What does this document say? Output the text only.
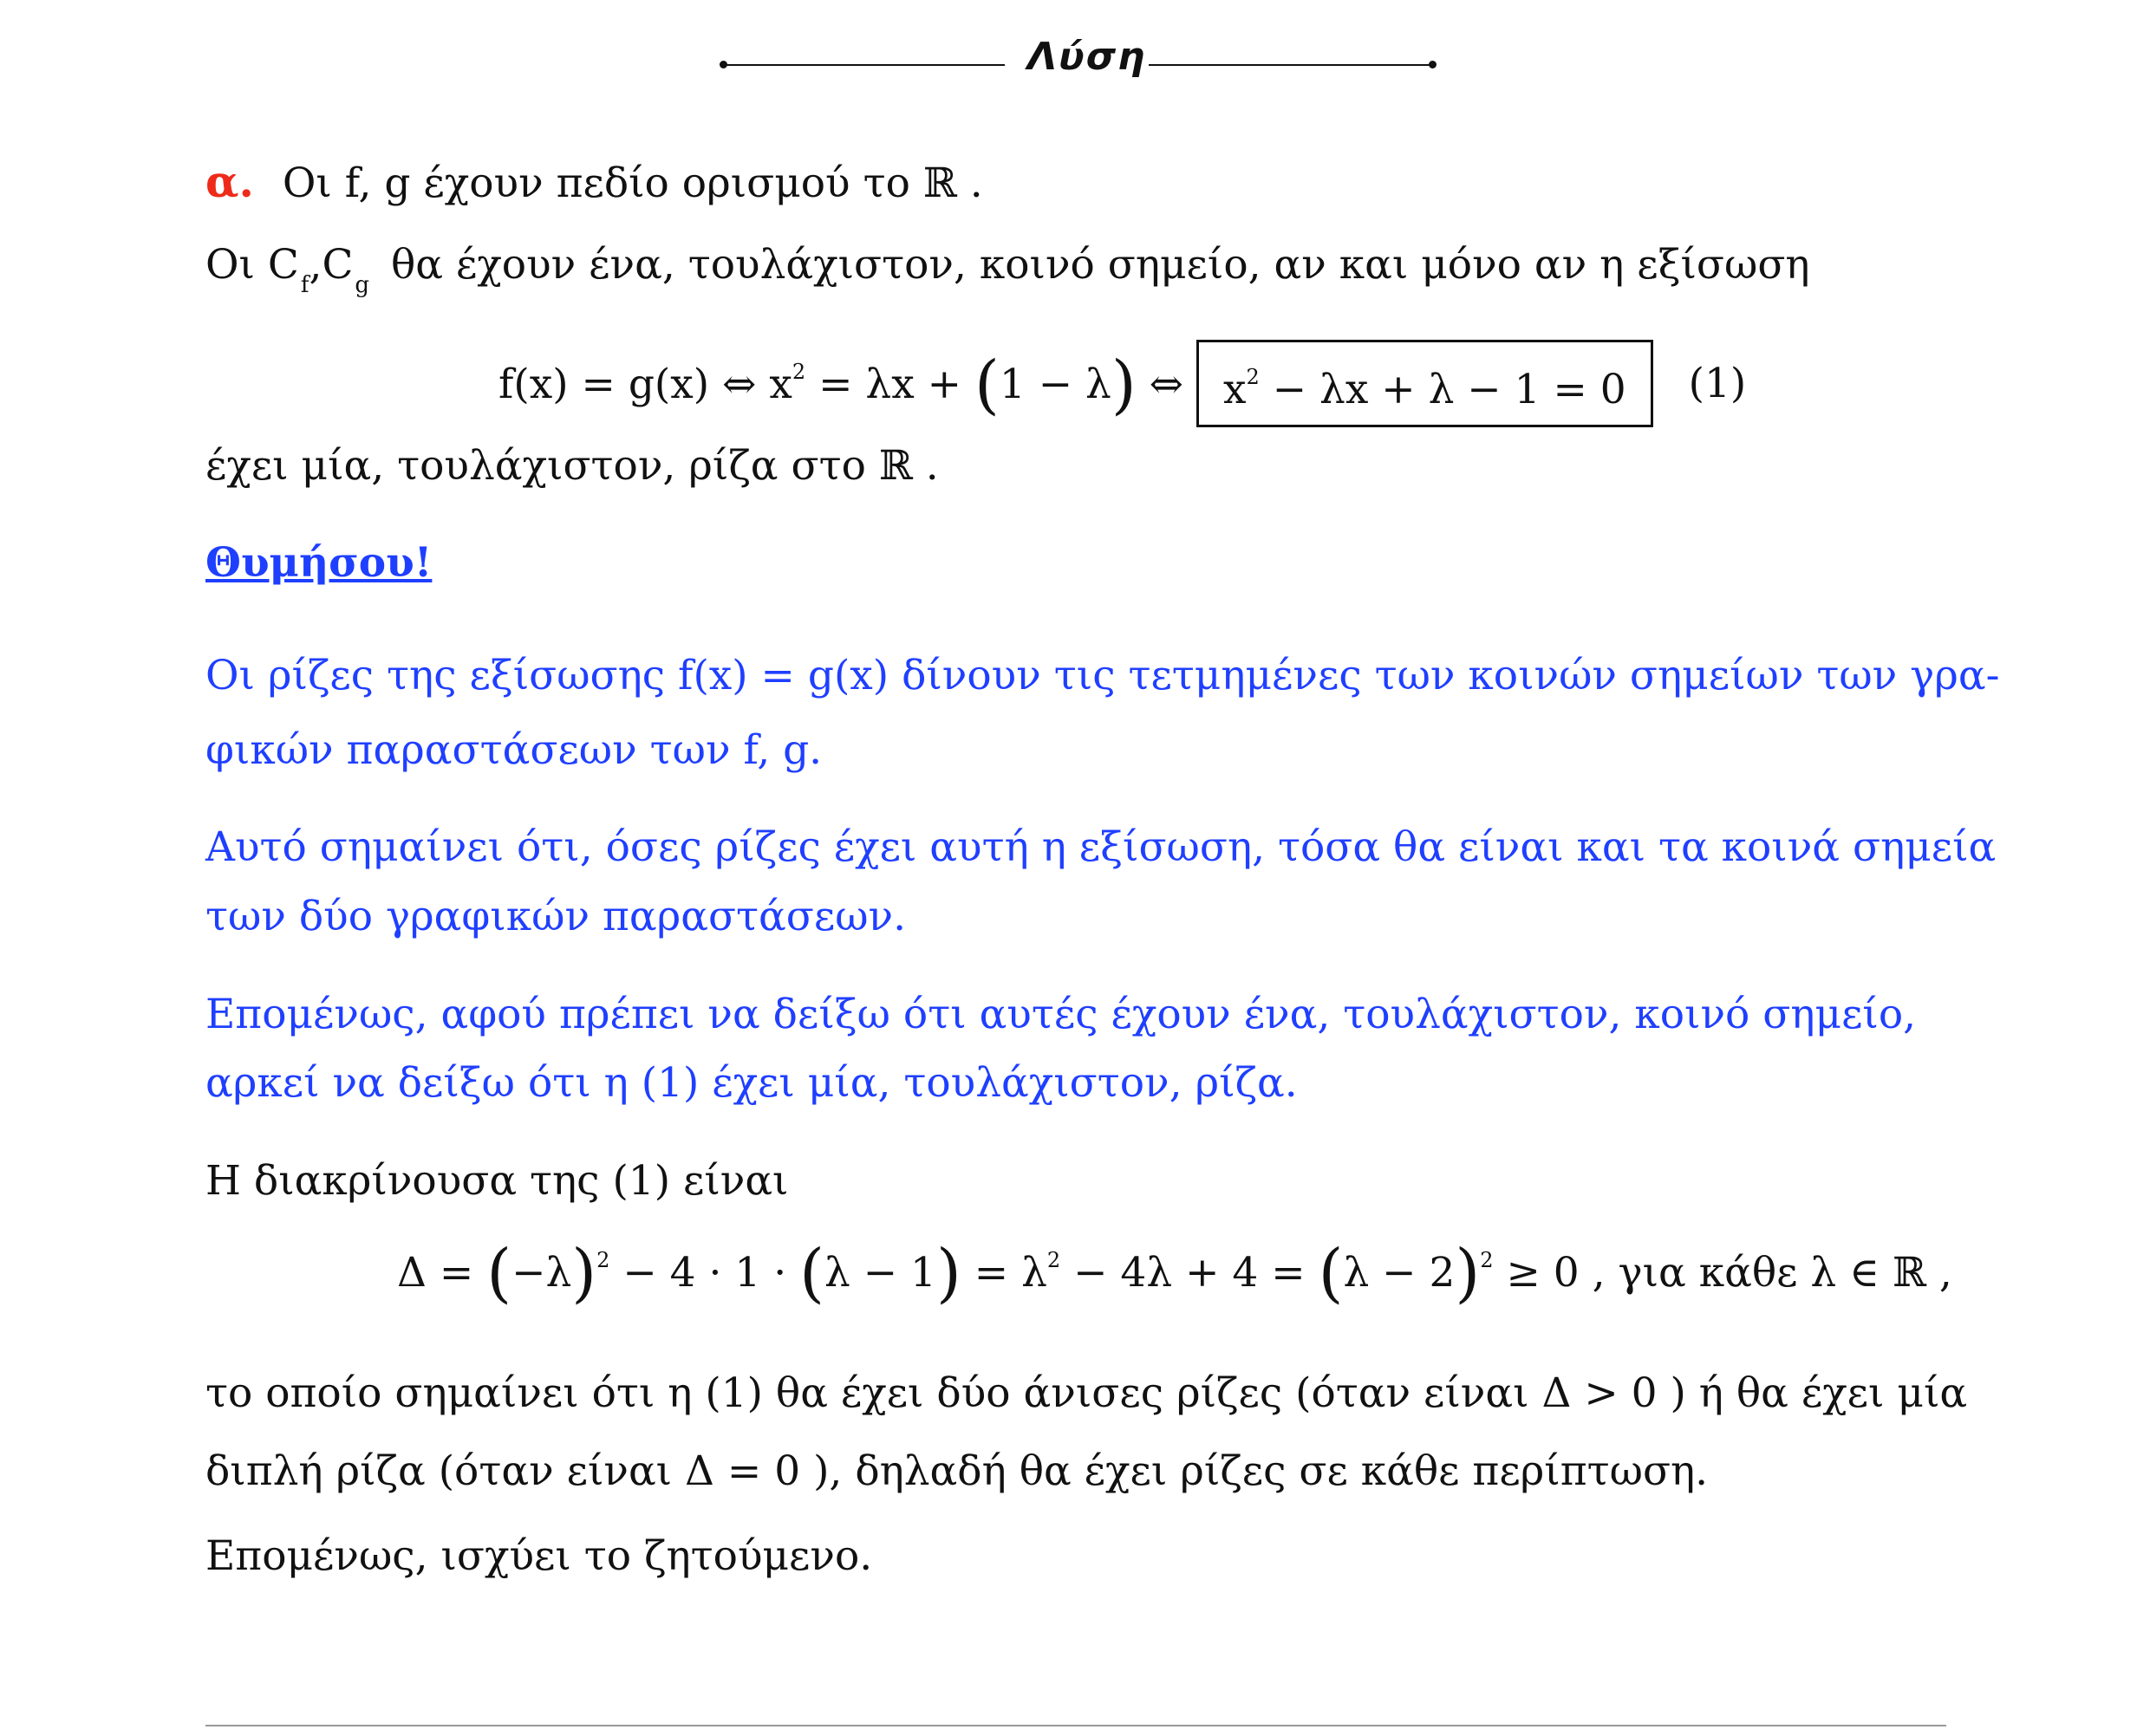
Λύση
α. Οι f, g έχουν πεδίο ορισμού το ℝ .
Οι $C_f,C_g$ θα έχουν ένα, τουλάχιστον, κοινό σημείο, αν και μόνο αν η εξίσωση
f(x) = g(x) ⇔ $x^2 = \lambda x + (1 - \lambda)$ ⇔ $x^2 - \lambda x + \lambda - 1 = 0$ (1)
έχει μία, τουλάχιστον, ρίζα στο ℝ .
Θυμήσου!
Οι ρίζες της εξίσωσης f(x) = g(x) δίνουν τις τετμημένες των κοινών σημείων των γρα-
φικών παραστάσεων των f, g.
Αυτό σημαίνει ότι, όσες ρίζες έχει αυτή η εξίσωση, τόσα θα είναι και τα κοινά σημεία
των δύο γραφικών παραστάσεων.
Επομένως, αφού πρέπει να δείξω ότι αυτές έχουν ένα, τουλάχιστον, κοινό σημείο,
αρκεί να δείξω ότι η (1) έχει μία, τουλάχιστον, ρίζα.
Η διακρίνουσα της (1) είναι
$\Delta = (-\lambda)^2 - 4 \cdot 1 \cdot (\lambda - 1) = \lambda^2 - 4\lambda + 4 = (\lambda - 2)^2 \ge 0$ , για κάθε λ ∈ ℝ ,
το οποίο σημαίνει ότι η (1) θα έχει δύο άνισες ρίζες (όταν είναι Δ > 0 ) ή θα έχει μία
διπλή ρίζα (όταν είναι Δ = 0 ), δηλαδή θα έχει ρίζες σε κάθε περίπτωση.
Επομένως, ισχύει το ζητούμενο.
